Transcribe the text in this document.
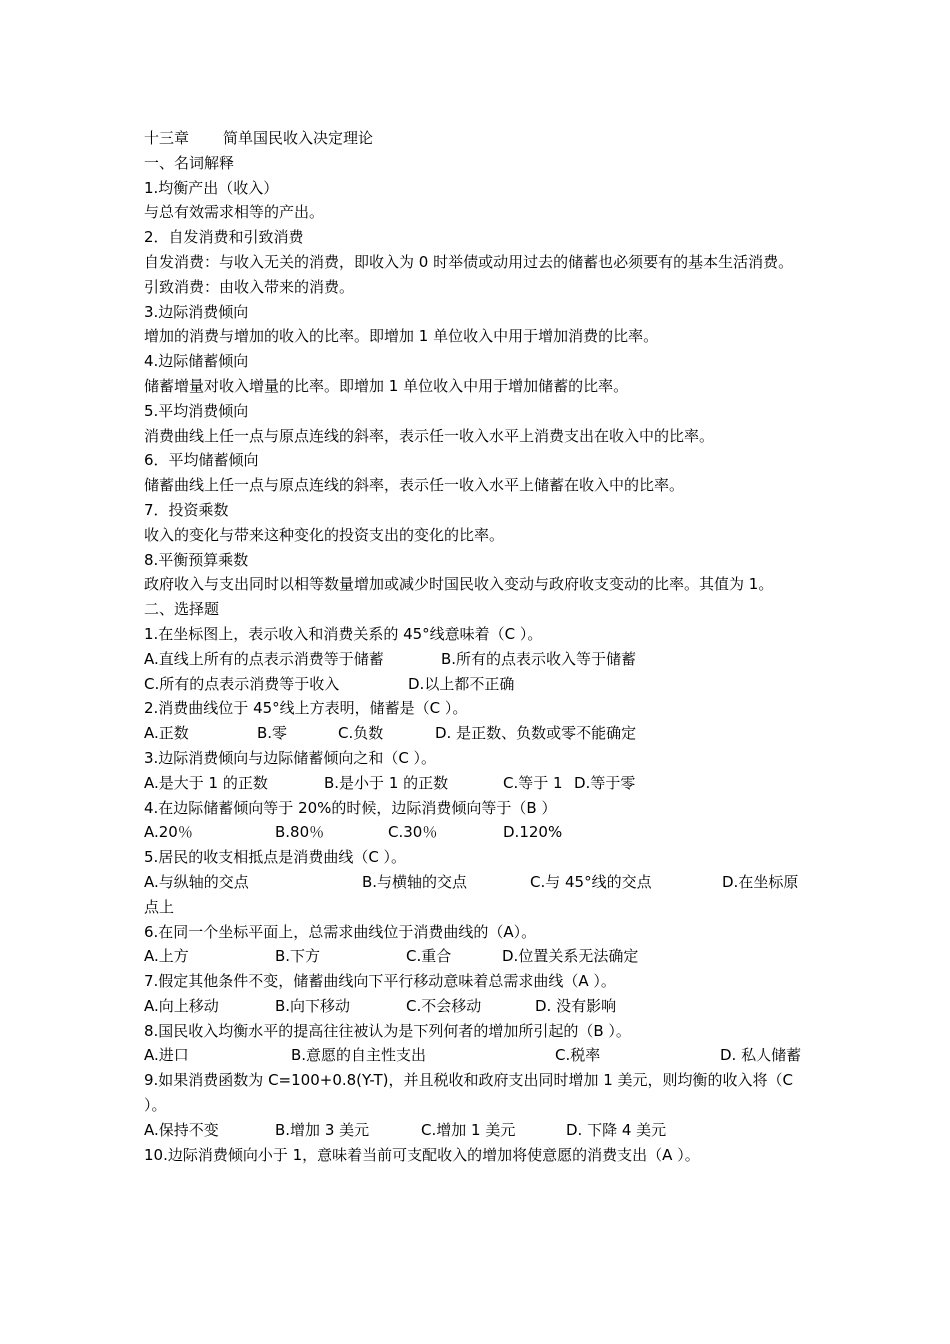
十三章 简单国民收入决定理论
一、名词解释
1.均衡产出（收入）
与总有效需求相等的产出。
2．自发消费和引致消费
自发消费：与收入无关的消费，即收入为 0 时举债或动用过去的储蓄也必须要有的基本生活消费。
引致消费：由收入带来的消费。
3.边际消费倾向
增加的消费与增加的收入的比率。即增加 1 单位收入中用于增加消费的比率。
4.边际储蓄倾向
储蓄增量对收入增量的比率。即增加 1 单位收入中用于增加储蓄的比率。
5.平均消费倾向
消费曲线上任一点与原点连线的斜率，表示任一收入水平上消费支出在收入中的比率。
6．平均储蓄倾向
储蓄曲线上任一点与原点连线的斜率，表示任一收入水平上储蓄在收入中的比率。
7．投资乘数
收入的变化与带来这种变化的投资支出的变化的比率。
8.平衡预算乘数
政府收入与支出同时以相等数量增加或减少时国民收入变动与政府收支变动的比率。其值为 1。
二、选择题
1.在坐标图上，表示收入和消费关系的 45°线意味着（C ）。
A.直线上所有的点表示消费等于储蓄	B.所有的点表示收入等于储蓄
C.所有的点表示消费等于收入	D.以上都不正确
2.消费曲线位于 45°线上方表明，储蓄是（C ）。
A.正数	B.零	C.负数	D. 是正数、负数或零不能确定
3.边际消费倾向与边际储蓄倾向之和（C ）。
A.是大于 1 的正数	B.是小于 1 的正数	C.等于 1 D.等于零
4.在边际储蓄倾向等于 20%的时候，边际消费倾向等于（B ）
A.20％	B.80％	C.30％	D.120%
5.居民的收支相抵点是消费曲线（C ）。
A.与纵轴的交点	B.与横轴的交点	C.与 45°线的交点	D.在坐标原
点上
6.在同一个坐标平面上，总需求曲线位于消费曲线的（A）。
A.上方	B.下方	C.重合	D.位置关系无法确定
7.假定其他条件不变，储蓄曲线向下平行移动意味着总需求曲线（A ）。
A.向上移动	B.向下移动	C.不会移动	D. 没有影响
8.国民收入均衡水平的提高往往被认为是下列何者的增加所引起的（B ）。
A.进口	B.意愿的自主性支出	C.税率	D. 私人储蓄
9.如果消费函数为 C=100+0.8(Y-T)，并且税收和政府支出同时增加 1 美元，则均衡的收入将（C ）。
A.保持不变	B.增加 3 美元	C.增加 1 美元	D. 下降 4 美元
10.边际消费倾向小于 1，意味着当前可支配收入的增加将使意愿的消费支出（A ）。
